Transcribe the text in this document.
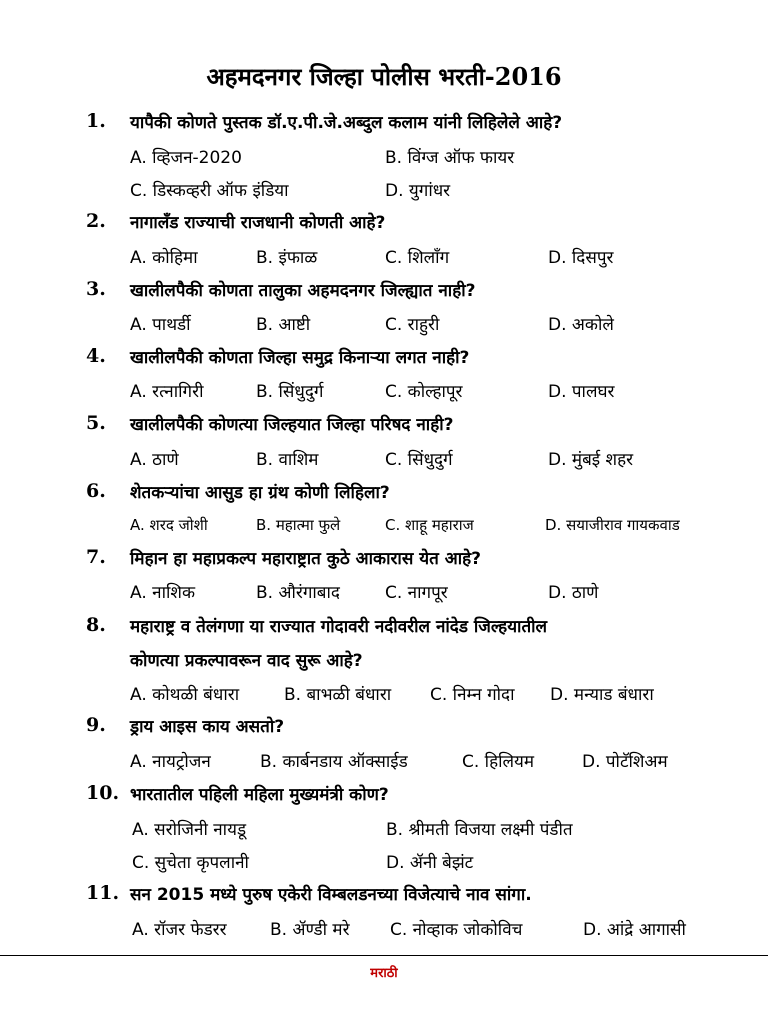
अहमदनगर जिल्हा पोलीस भरती-2016
1. यापैकी कोणते पुस्तक डॉ.ए.पी.जे.अब्दुल कलाम यांनी लिहिलेले आहे?
A. व्हिजन-2020	B. विंग्ज ऑफ फायर
C. डिस्कव्हरी ऑफ इंडिया	D. युगांधर
2. नागालँड राज्याची राजधानी कोणती आहे?
A. कोहिमा	B. इंफाळ	C. शिलाँग	D. दिसपुर
3. खालीलपैकी कोणता तालुका अहमदनगर जिल्ह्यात नाही?
A. पाथर्डी	B. आष्टी	C. राहुरी	D. अकोले
4. खालीलपैकी कोणता जिल्हा समुद्र किनाऱ्या लगत नाही?
A. रत्नागिरी	B. सिंधुदुर्ग	C. कोल्हापूर	D. पालघर
5. खालीलपैकी कोणत्या जिल्हयात जिल्हा परिषद नाही?
A. ठाणे	B. वाशिम	C. सिंधुदुर्ग	D. मुंबई शहर
6. शेतकऱ्यांचा आसुड हा ग्रंथ कोणी लिहिला?
A. शरद जोशी	B. महात्मा फुले	C. शाहू महाराज	D. सयाजीराव गायकवाड
7. मिहान हा महाप्रकल्प महाराष्ट्रात कुठे आकारास येत आहे?
A. नाशिक	B. औरंगाबाद	C. नागपूर	D. ठाणे
8. महाराष्ट्र व तेलंगणा या राज्यात गोदावरी नदीवरील नांदेड जिल्हयातील
कोणत्या प्रकल्पावरून वाद सुरू आहे?
A. कोथळी बंधारा	B. बाभळी बंधारा C. निम्न गोदा D. मन्याड बंधारा
9. ड्राय आइस काय असतो?
A. नायट्रोजन	B. कार्बनडाय ऑक्साईड	C. हिलियम	D. पोटॅशिअम
10. भारतातील पहिली महिला मुख्यमंत्री कोण?
A. सरोजिनी नायडू	B. श्रीमती विजया लक्ष्मी पंडीत
C. सुचेता कृपलानी	D. ॲनी बेझंट
11. सन 2015 मध्ये पुरुष एकेरी विम्बलडनच्या विजेत्याचे नाव सांगा.
A. रॉजर फेडरर	B. ॲण्डी मरे C. नोव्हाक जोकोविच	D. आंद्रे आगासी
मराठी
